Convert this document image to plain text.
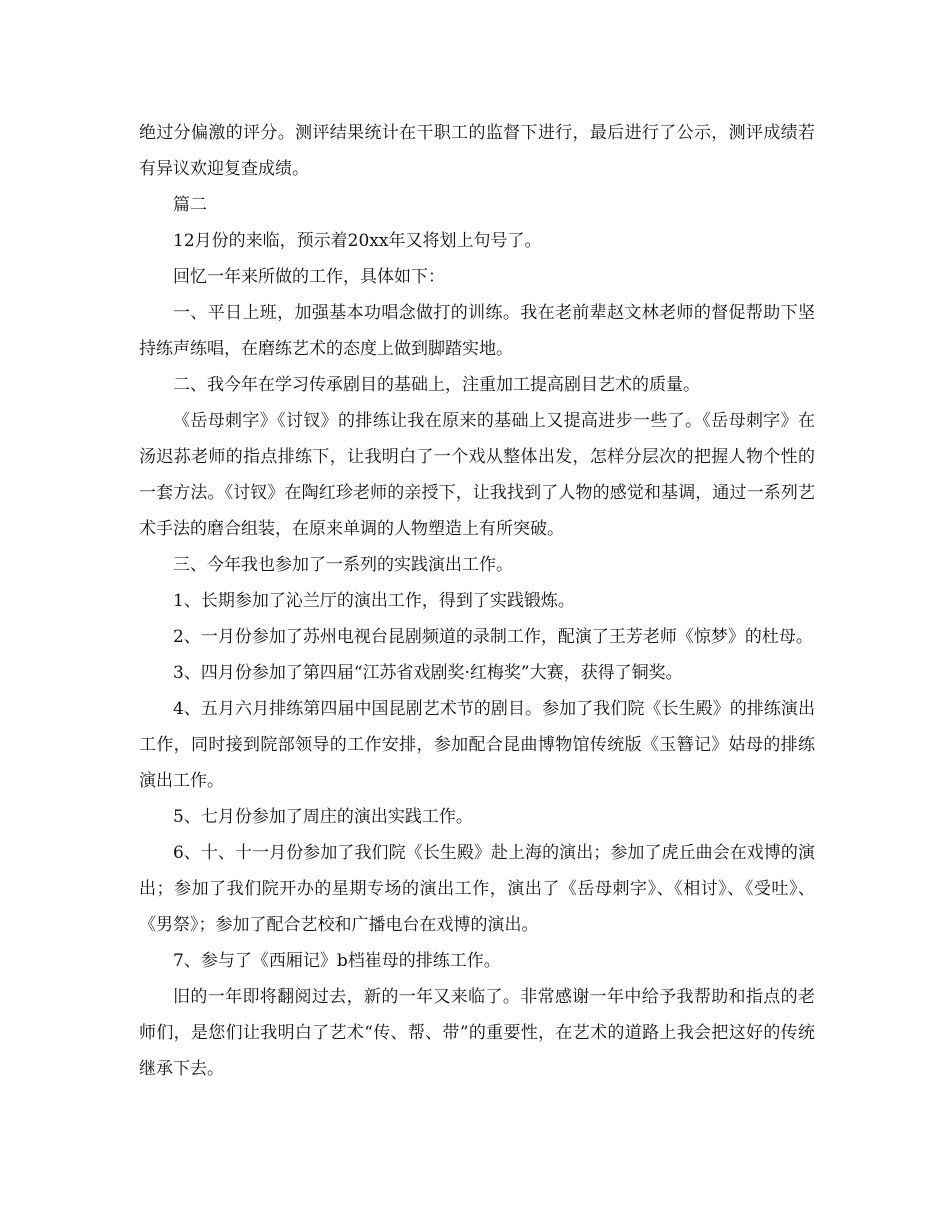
绝过分偏激的评分。测评结果统计在干职工的监督下进行，最后进行了公示，测评成绩若有异议欢迎复查成绩。

篇二

12月份的来临，预示着20xx年又将划上句号了。

回忆一年来所做的工作，具体如下：

一、平日上班，加强基本功唱念做打的训练。我在老前辈赵文林老师的督促帮助下坚持练声练唱，在磨练艺术的态度上做到脚踏实地。

二、我今年在学习传承剧目的基础上，注重加工提高剧目艺术的质量。

《岳母刺字》《讨钗》的排练让我在原来的基础上又提高进步一些了。《岳母刺字》在汤迟荪老师的指点排练下，让我明白了一个戏从整体出发，怎样分层次的把握人物个性的一套方法。《讨钗》在陶红珍老师的亲授下，让我找到了人物的感觉和基调，通过一系列艺术手法的磨合组装，在原来单调的人物塑造上有所突破。

三、今年我也参加了一系列的实践演出工作。

1、长期参加了沁兰厅的演出工作，得到了实践锻炼。

2、一月份参加了苏州电视台昆剧频道的录制工作，配演了王芳老师《惊梦》的杜母。

3、四月份参加了第四届“江苏省戏剧奖·红梅奖”大赛，获得了铜奖。

4、五月六月排练第四届中国昆剧艺术节的剧目。参加了我们院《长生殿》的排练演出工作，同时接到院部领导的工作安排，参加配合昆曲博物馆传统版《玉簪记》姑母的排练演出工作。

5、七月份参加了周庄的演出实践工作。

6、十、十一月份参加了我们院《长生殿》赴上海的演出；参加了虎丘曲会在戏博的演出；参加了我们院开办的星期专场的演出工作，演出了《岳母刺字》、《相讨》、《受吐》、《男祭》；参加了配合艺校和广播电台在戏博的演出。

7、参与了《西厢记》b档崔母的排练工作。

旧的一年即将翻阅过去，新的一年又来临了。非常感谢一年中给予我帮助和指点的老师们，是您们让我明白了艺术“传、帮、带”的重要性，在艺术的道路上我会把这好的传统继承下去。
